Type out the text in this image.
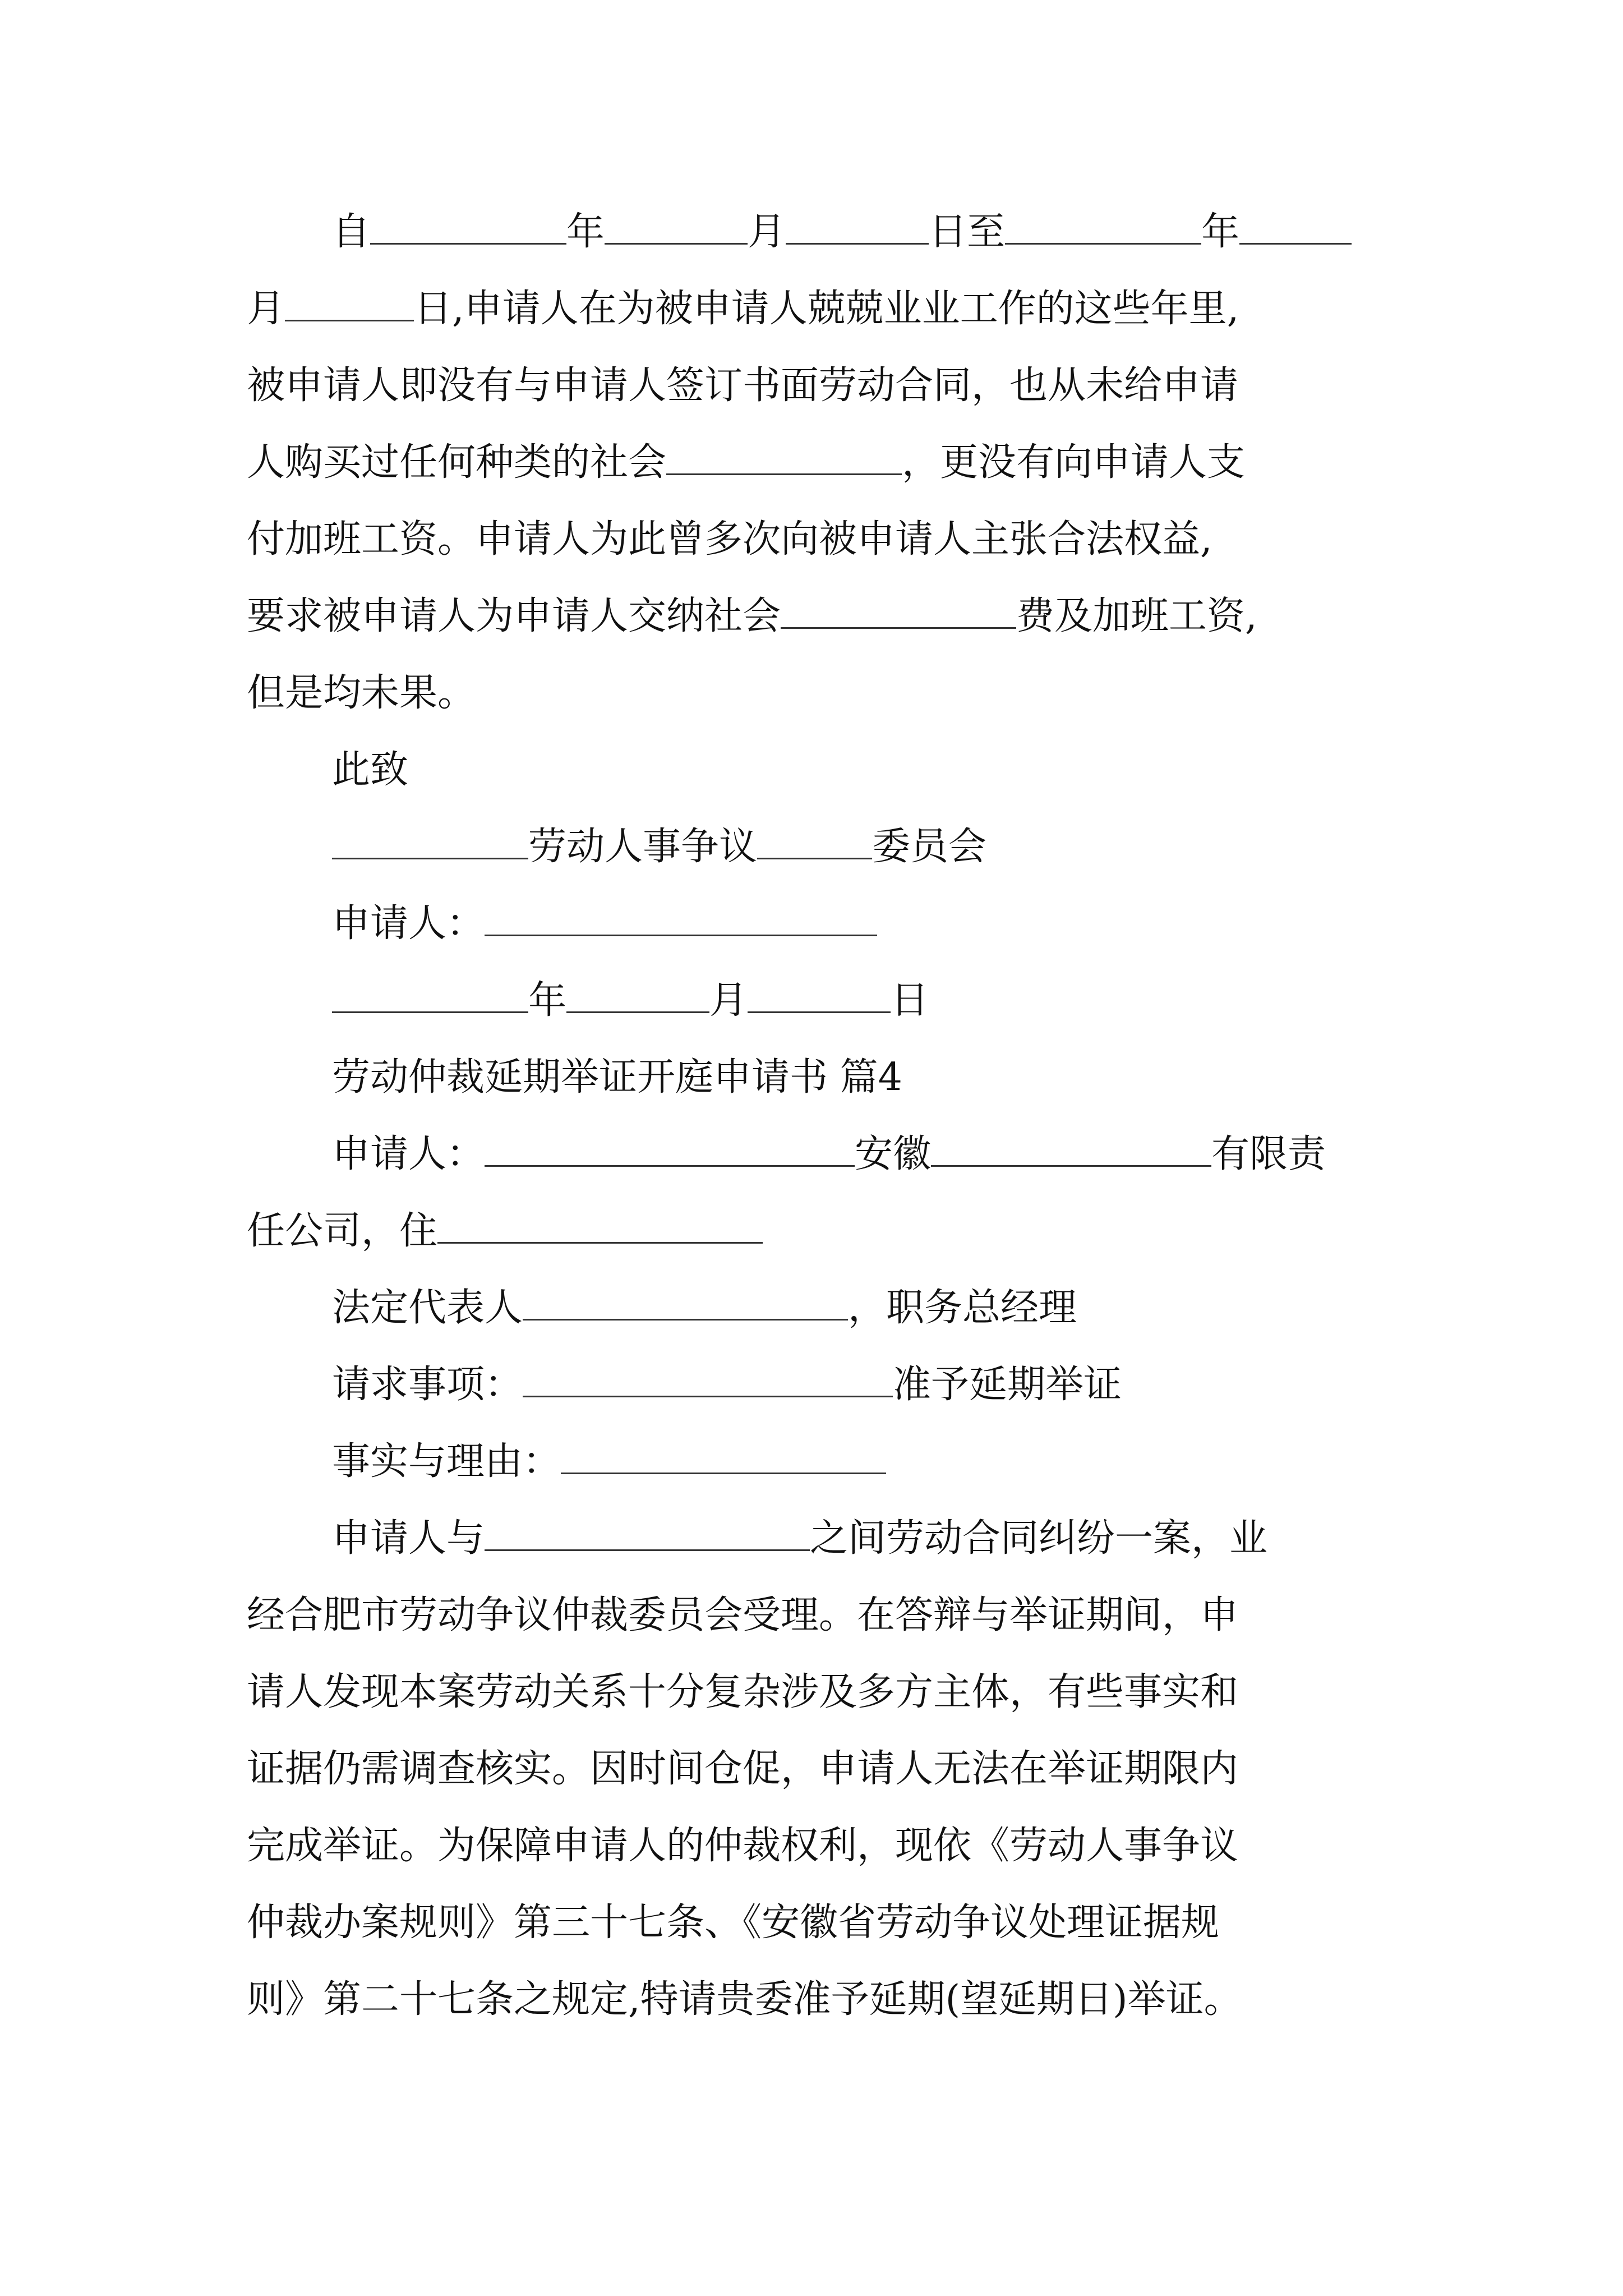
自	年	月	日至	年
月	日,申请人在为被申请人兢兢业业工作的这些年里,
被申请人即没有与申请人签订书面劳动合同，也从未给申请
人购买过任何种类的社会	，更没有向申请人支
付加班工资。申请人为此曾多次向被申请人主张合法权益,
要求被申请人为申请人交纳社会	费及加班工资,
但是均未果。
此致
劳动人事争议	委员会
申请人：
年	月	日
劳动仲裁延期举证开庭申请书 篇4
申请人：	安徽	有限责
任公司，住
法定代表人	，职务总经理
请求事项：	准予延期举证
事实与理由：
申请人与	之间劳动合同纠纷一案，业
经合肥市劳动争议仲裁委员会受理。在答辩与举证期间，申
请人发现本案劳动关系十分复杂涉及多方主体，有些事实和
证据仍需调查核实。因时间仓促，申请人无法在举证期限内
完成举证。为保障申请人的仲裁权利，现依《劳动人事争议
仲裁办案规则》第三十七条、《安徽省劳动争议处理证据规
则》第二十七条之规定,特请贵委准予延期(望延期日)举证。
